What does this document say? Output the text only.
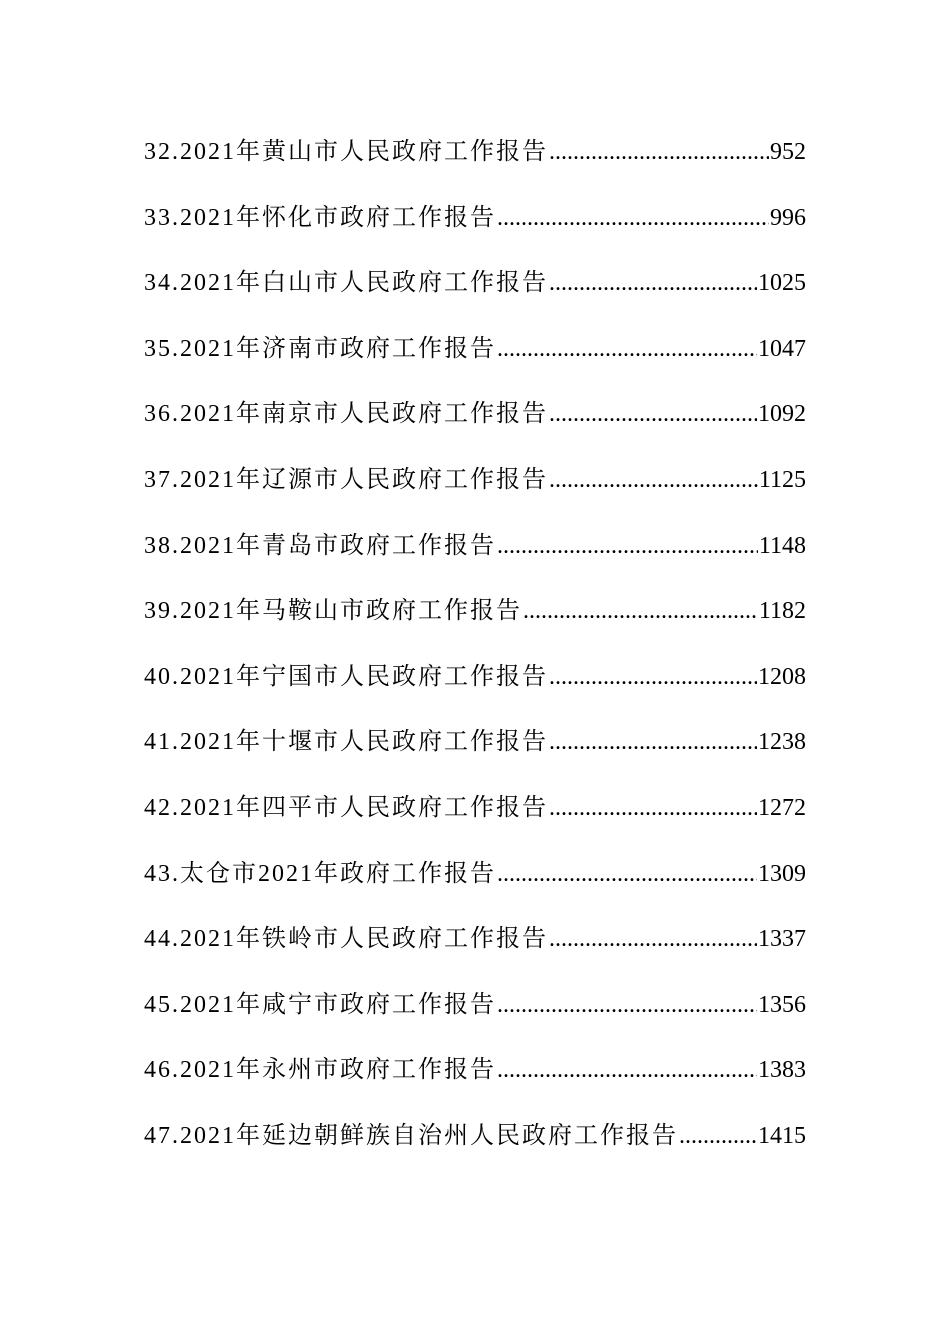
32.2021年黄山市人民政府工作报告 .....	952
33.2021年怀化市政府工作报告 .....	996
34.2021年白山市人民政府工作报告 .....	1025
35.2021年济南市政府工作报告 .....	1047
36.2021年南京市人民政府工作报告 .....	1092
37.2021年辽源市人民政府工作报告 .....	1125
38.2021年青岛市政府工作报告 .....	1148
39.2021年马鞍山市政府工作报告 .....	1182
40.2021年宁国市人民政府工作报告 .....	1208
41.2021年十堰市人民政府工作报告 .....	1238
42.2021年四平市人民政府工作报告 .....	1272
43.太仓市2021年政府工作报告 .....	1309
44.2021年铁岭市人民政府工作报告 .....	1337
45.2021年咸宁市政府工作报告 .....	1356
46.2021年永州市政府工作报告 .....	1383
47.2021年延边朝鲜族自治州人民政府工作报告 .....	1415
